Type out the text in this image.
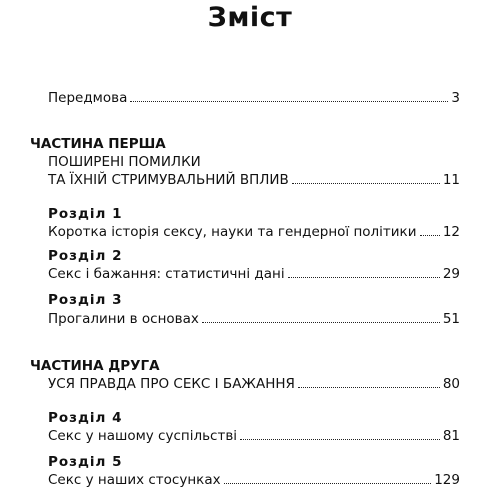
Зміст
Передмова	3
ЧАСТИНА ПЕРША
ПОШИРЕНІ ПОМИЛКИ
ТА ЇХНІЙ СТРИМУВАЛЬНИЙ ВПЛИВ	11
Розділ 1
Коротка історія сексу, науки та гендерної політики 12
Розділ 2
Секс і бажання: статистичні дані	29
Розділ 3
Прогалини в основах	51
ЧАСТИНА ДРУГА
УСЯ ПРАВДА ПРО СЕКС І БАЖАННЯ	80
Розділ 4
Секс у нашому суспільстві	81
Розділ 5
Секс у наших стосунках	129
